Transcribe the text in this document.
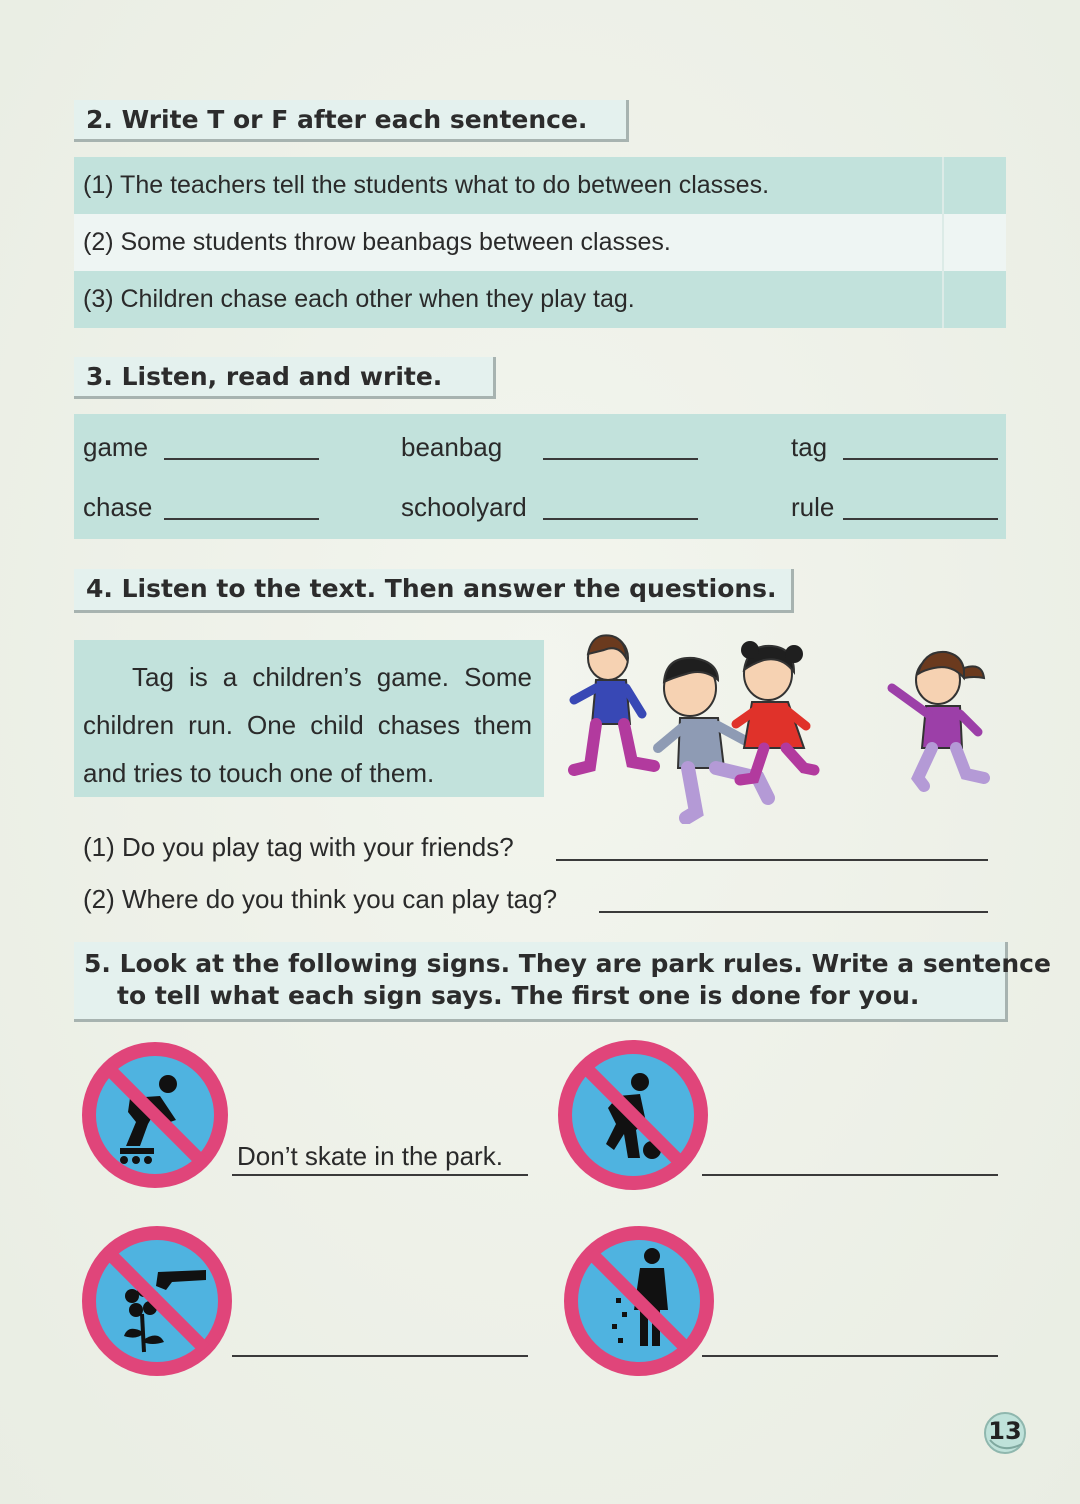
2. Write T or F after each sentence.
(1) The teachers tell the students what to do between classes.
(2) Some students throw beanbags between classes.
(3) Children chase each other when they play tag.
3. Listen, read and write.
game	beanbag	tag
chase	schoolyard	rule
4. Listen to the text. Then answer the questions.
Tag is a children’s game. Some children run. One child chases them and tries to touch one of them.
(1) Do you play tag with your friends?
(2) Where do you think you can play tag?
5. Look at the following signs. They are park rules. Write a sentence
to tell what each sign says. The first one is done for you.
Don’t skate in the park.
13
